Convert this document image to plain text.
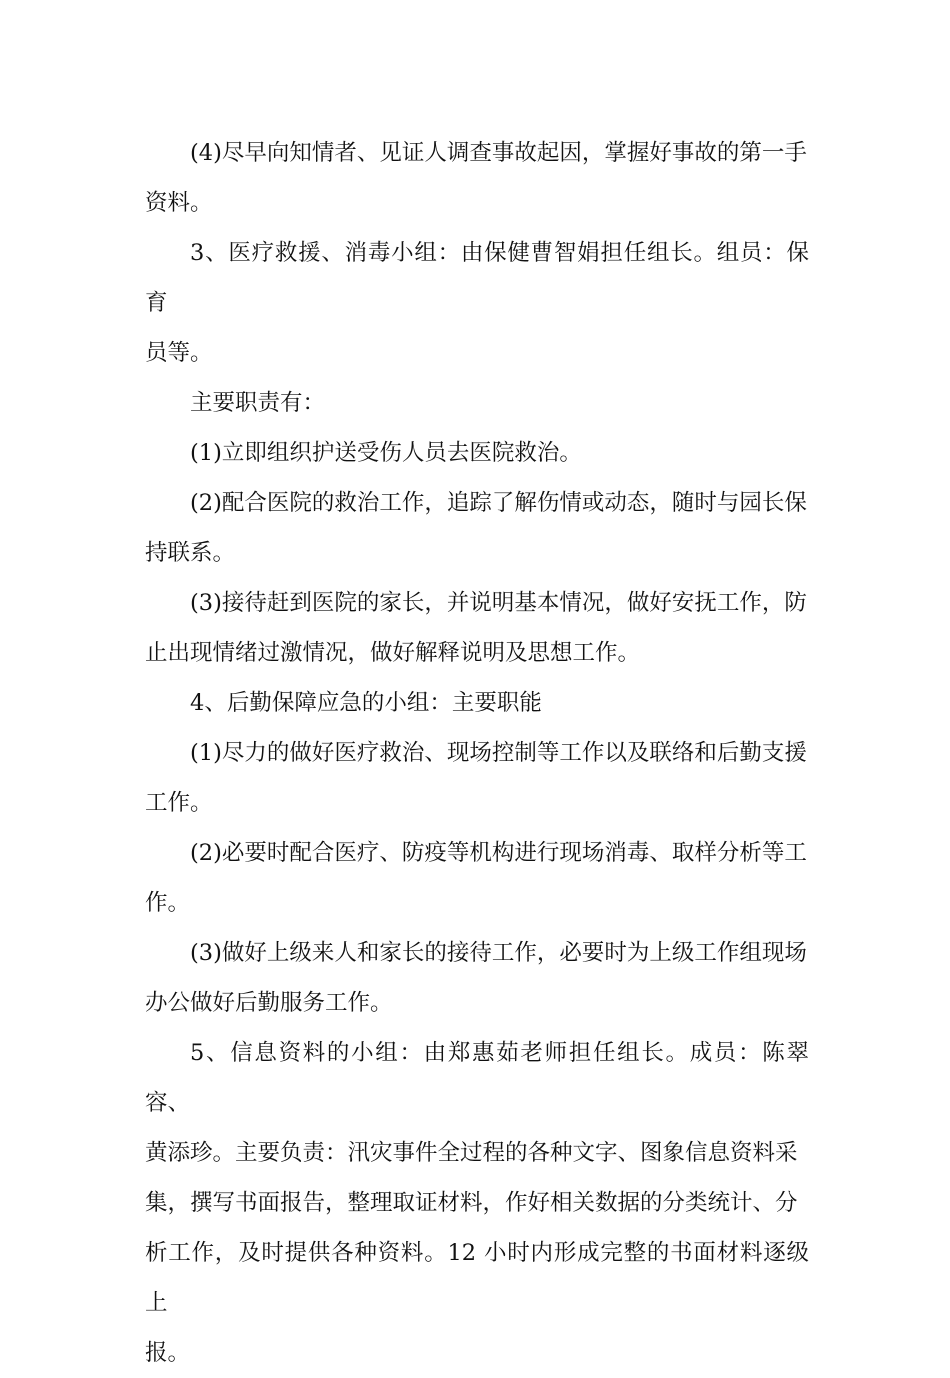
(4)尽早向知情者、见证人调查事故起因，掌握好事故的第一手
资料。

3、医疗救援、消毒小组：由保健曹智娟担任组长。组员：保育
员等。

主要职责有：

(1)立即组织护送受伤人员去医院救治。

(2)配合医院的救治工作，追踪了解伤情或动态，随时与园长保
持联系。

(3)接待赶到医院的家长，并说明基本情况，做好安抚工作，防
止出现情绪过激情况，做好解释说明及思想工作。

4、后勤保障应急的小组：主要职能

(1)尽力的做好医疗救治、现场控制等工作以及联络和后勤支援
工作。

(2)必要时配合医疗、防疫等机构进行现场消毒、取样分析等工
作。

(3)做好上级来人和家长的接待工作，必要时为上级工作组现场
办公做好后勤服务工作。

5、信息资料的小组：由郑惠茹老师担任组长。成员：陈翠容、
黄添珍。主要负责：汛灾事件全过程的各种文字、图象信息资料采
集，撰写书面报告，整理取证材料，作好相关数据的分类统计、分
析工作，及时提供各种资料。12 小时内形成完整的书面材料逐级上
报。
